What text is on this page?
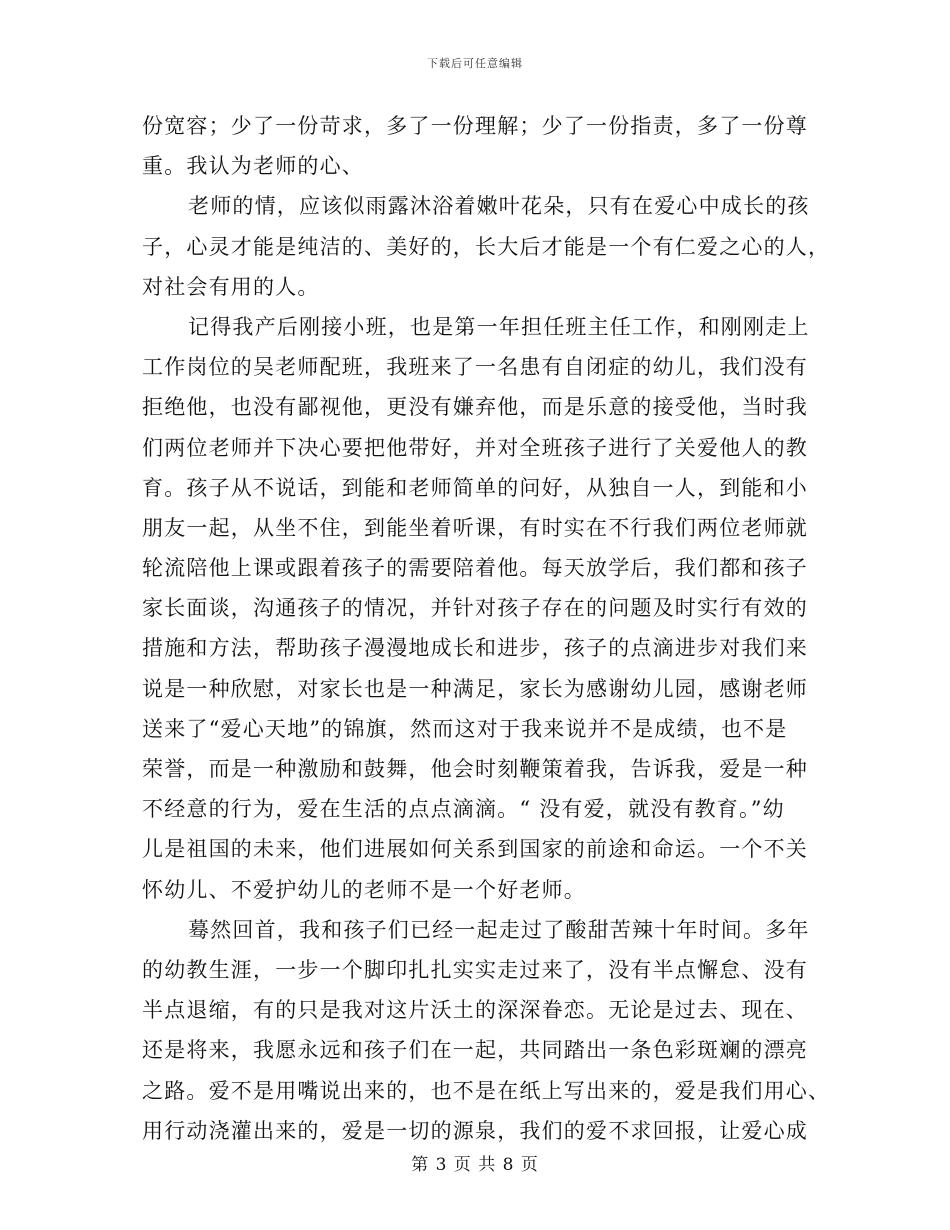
下载后可任意编辑
份宽容；少了一份苛求，多了一份理解；少了一份指责，多了一份尊
重。我认为老师的心、
老师的情，应该似雨露沐浴着嫩叶花朵，只有在爱心中成长的孩
子，心灵才能是纯洁的、美好的，长大后才能是一个有仁爱之心的人，
对社会有用的人。
记得我产后刚接小班，也是第一年担任班主任工作，和刚刚走上
工作岗位的吴老师配班，我班来了一名患有自闭症的幼儿，我们没有
拒绝他，也没有鄙视他，更没有嫌弃他，而是乐意的接受他，当时我
们两位老师并下决心要把他带好，并对全班孩子进行了关爱他人的教
育。孩子从不说话，到能和老师简单的问好，从独自一人，到能和小
朋友一起，从坐不住，到能坐着听课，有时实在不行我们两位老师就
轮流陪他上课或跟着孩子的需要陪着他。每天放学后，我们都和孩子
家长面谈，沟通孩子的情况，并针对孩子存在的问题及时实行有效的
措施和方法，帮助孩子漫漫地成长和进步，孩子的点滴进步对我们来
说是一种欣慰，对家长也是一种满足，家长为感谢幼儿园，感谢老师
送来了“爱心天地”的锦旗，然而这对于我来说并不是成绩，也不是
荣誉，而是一种激励和鼓舞，他会时刻鞭策着我，告诉我，爱是一种
不经意的行为，爱在生活的点点滴滴。“ 没有爱，就没有教育。”幼
儿是祖国的未来，他们进展如何关系到国家的前途和命运。一个不关
怀幼儿、不爱护幼儿的老师不是一个好老师。
蓦然回首，我和孩子们已经一起走过了酸甜苦辣十年时间。多年
的幼教生涯，一步一个脚印扎扎实实走过来了，没有半点懈怠、没有
半点退缩，有的只是我对这片沃土的深深眷恋。无论是过去、现在、
还是将来，我愿永远和孩子们在一起，共同踏出一条色彩斑斓的漂亮
之路。爱不是用嘴说出来的，也不是在纸上写出来的，爱是我们用心、
用行动浇灌出来的，爱是一切的源泉，我们的爱不求回报，让爱心成
第 3 页 共 8 页
